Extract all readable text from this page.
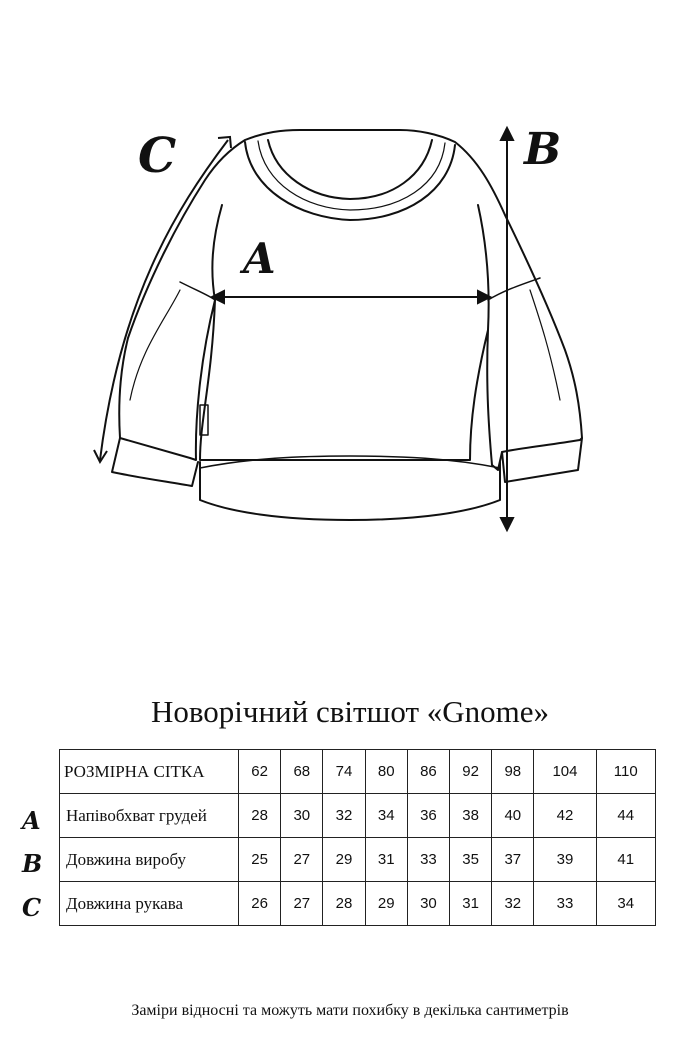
A
B
C
Новорічний світшот «Gnome»
РОЗМІРНА СІТКА	62	68	74	80	86	92	98	104	110
Напівобхват грудей	28	30	32	34	36	38	40	42	44
Довжина виробу	25	27	29	31	33	35	37	39	41
Довжина рукава	26	27	28	29	30	31	32	33	34
A
B
C
Заміри відносні та можуть мати похибку в декілька сантиметрів
